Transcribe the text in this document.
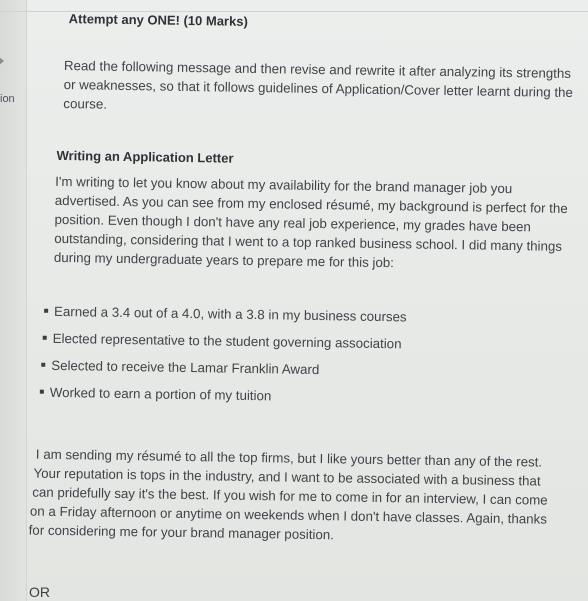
ion
Attempt any ONE! (10 Marks)
Read the following message and then revise and rewrite it after analyzing its strengths
or weaknesses, so that it follows guidelines of Application/Cover letter learnt during the
course.
Writing an Application Letter
I'm writing to let you know about my availability for the brand manager job you
advertised. As you can see from my enclosed résumé, my background is perfect for the
position. Even though I don't have any real job experience, my grades have been
outstanding, considering that I went to a top ranked business school. I did many things
during my undergraduate years to prepare me for this job:
Earned a 3.4 out of a 4.0, with a 3.8 in my business courses
Elected representative to the student governing association
Selected to receive the Lamar Franklin Award
Worked to earn a portion of my tuition
I am sending my résumé to all the top firms, but I like yours better than any of the rest.
Your reputation is tops in the industry, and I want to be associated with a business that
can pridefully say it's the best. If you wish for me to come in for an interview, I can come
on a Friday afternoon or anytime on weekends when I don't have classes. Again, thanks
for considering me for your brand manager position.
OR
